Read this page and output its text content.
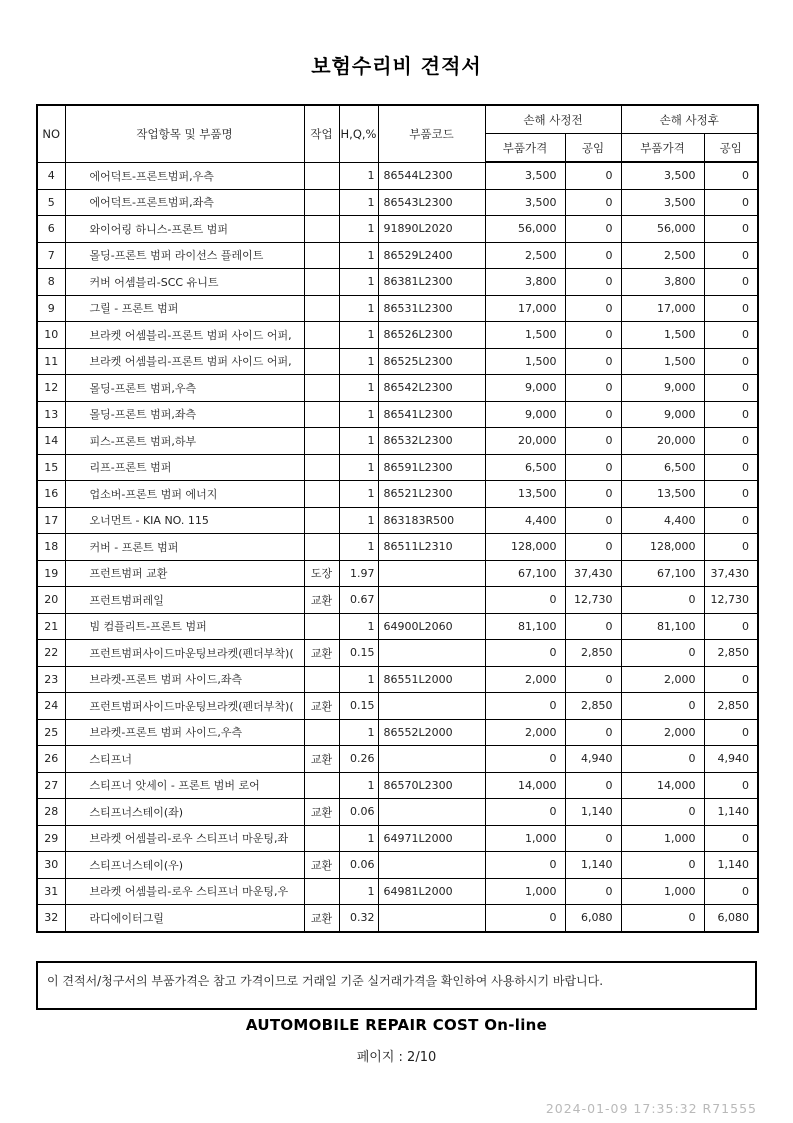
보험수리비 견적서
NO	작업항목 및 부품명	작업	H,Q,%	부품코드	손해 사정전		손해 사정후	
					부품가격	공임	부품가격	공임
4	에어덕트-프론트범퍼,우측		1	86544L2300	3,500	0	3,500	0
5	에어덕트-프론트범퍼,좌측		1	86543L2300	3,500	0	3,500	0
6	와이어링 하니스-프론트 범퍼		1	91890L2020	56,000	0	56,000	0
7	몰딩-프론트 범퍼 라이선스 플레이트		1	86529L2400	2,500	0	2,500	0
8	커버 어셈블리-SCC 유니트		1	86381L2300	3,800	0	3,800	0
9	그릴 - 프론트 범퍼		1	86531L2300	17,000	0	17,000	0
10	브라켓 어셈블리-프론트 범퍼 사이드 어퍼,		1	86526L2300	1,500	0	1,500	0
11	브라켓 어셈블리-프론트 범퍼 사이드 어퍼,		1	86525L2300	1,500	0	1,500	0
12	몰딩-프론트 범퍼,우측		1	86542L2300	9,000	0	9,000	0
13	몰딩-프론트 범퍼,좌측		1	86541L2300	9,000	0	9,000	0
14	피스-프론트 범퍼,하부		1	86532L2300	20,000	0	20,000	0
15	리프-프론트 범퍼		1	86591L2300	6,500	0	6,500	0
16	업소버-프론트 범퍼 에너지		1	86521L2300	13,500	0	13,500	0
17	오너먼트 - KIA NO. 115		1	863183R500	4,400	0	4,400	0
18	커버 - 프론트 범퍼		1	86511L2310	128,000	0	128,000	0
19	프런트범퍼 교환	도장	1.97		67,100	37,430	67,100	37,430
20	프런트범퍼레일	교환	0.67		0	12,730	0	12,730
21	빔 컴플리트-프론트 범퍼		1	64900L2060	81,100	0	81,100	0
22	프런트범퍼사이드마운팅브라켓(펜더부착)(	교환	0.15		0	2,850	0	2,850
23	브라켓-프론트 범퍼 사이드,좌측		1	86551L2000	2,000	0	2,000	0
24	프런트범퍼사이드마운팅브라켓(펜더부착)(	교환	0.15		0	2,850	0	2,850
25	브라켓-프론트 범퍼 사이드,우측		1	86552L2000	2,000	0	2,000	0
26	스티프너	교환	0.26		0	4,940	0	4,940
27	스티프너 앗세이 - 프론트 범버 로어		1	86570L2300	14,000	0	14,000	0
28	스티프너스테이(좌)	교환	0.06		0	1,140	0	1,140
29	브라켓 어셈블리-로우 스티프너 마운팅,좌		1	64971L2000	1,000	0	1,000	0
30	스티프너스테이(우)	교환	0.06		0	1,140	0	1,140
31	브라켓 어셈블리-로우 스티프너 마운팅,우		1	64981L2000	1,000	0	1,000	0
32	라디에이터그릴	교환	0.32		0	6,080	0	6,080
이 견적서/청구서의 부품가격은 참고 가격이므로 거래일 기준 실거래가격을 확인하여 사용하시기 바랍니다.
AUTOMOBILE REPAIR COST On-line
페이지 : 2/10
2024-01-09 17:35:32 R71555
